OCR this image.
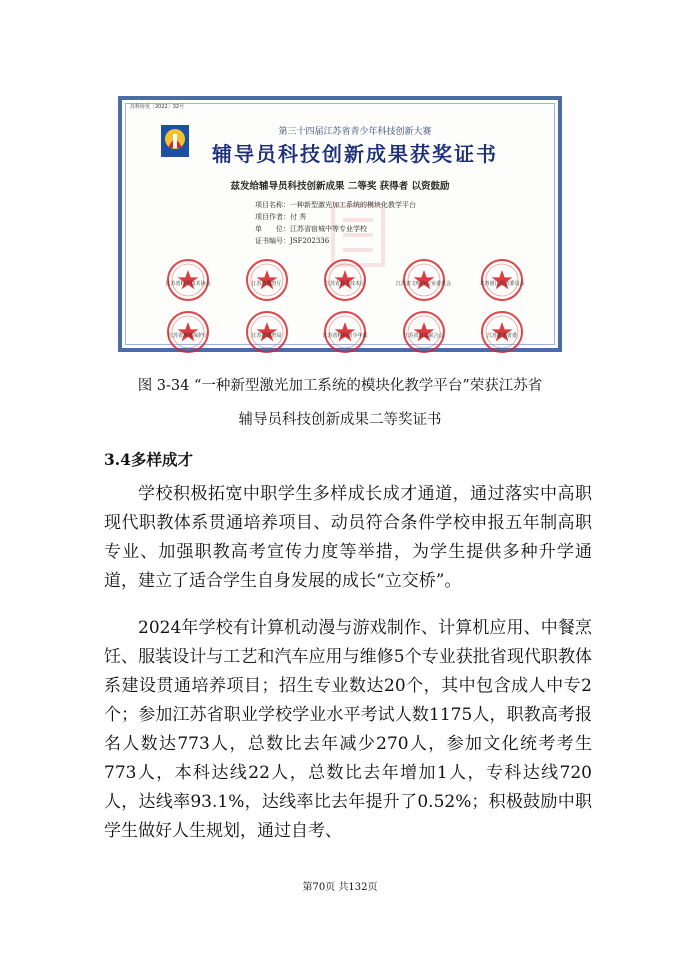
苏科协发〔2022〕32号
第三十四届江苏省青少年科技创新大赛
辅导员科技创新成果获奖证书
兹发给辅导员科技创新成果 二等奖 获得者 以资鼓励
项目名称：一种新型激光加工系统的模块化教学平台
项目作者：付 秀
单　　位：江苏省宿城中等专业学校
证书编号：JSF202336
江苏省科学技术协会	江苏省教育厅	江苏省科学技术厅	江苏省文明办公室委员会	共青团江苏省委员会
江苏省环境保护厅	江苏省体育局	江苏省科协青少年部	江苏省妇女联合会	江苏省团省委
图 3-34 “一种新型激光加工系统的模块化教学平台”荣获江苏省
辅导员科技创新成果二等奖证书
3.4多样成才
学校积极拓宽中职学生多样成长成才通道，通过落实中高职现代职教体系贯通培养项目、动员符合条件学校申报五年制高职专业、加强职教高考宣传力度等举措，为学生提供多种升学通道，建立了适合学生自身发展的成长“立交桥”。
2024年学校有计算机动漫与游戏制作、计算机应用、中餐烹饪、服装设计与工艺和汽车应用与维修5个专业获批省现代职教体系建设贯通培养项目；招生专业数达20个，其中包含成人中专2个；参加江苏省职业学校学业水平考试人数1175人，职教高考报名人数达773人，总数比去年减少270人，参加文化统考考生773人，本科达线22人，总数比去年增加1人，专科达线720人，达线率93.1%，达线率比去年提升了0.52%；积极鼓励中职学生做好人生规划，通过自考、
第70页 共132页
